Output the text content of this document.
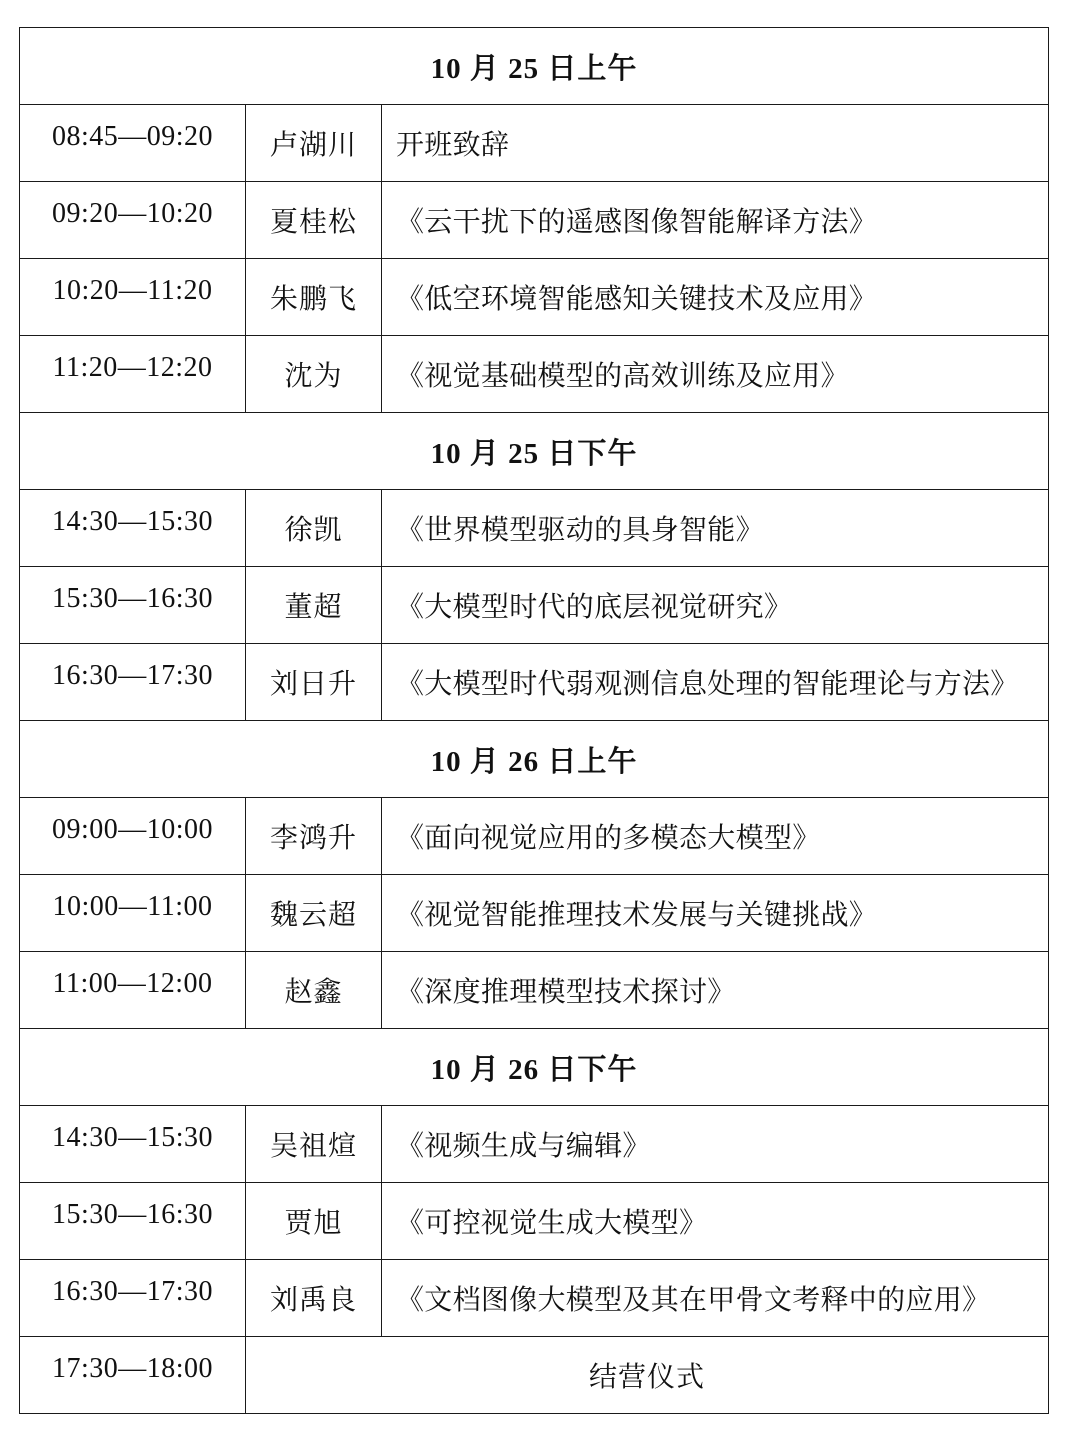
10 月 25 日上午		
08:45—09:20	卢湖川	开班致辞
09:20—10:20	夏桂松	《云干扰下的遥感图像智能解译方法》
10:20—11:20	朱鹏飞	《低空环境智能感知关键技术及应用》
11:20—12:20	沈为	《视觉基础模型的高效训练及应用》
10 月 25 日下午		
14:30—15:30	徐凯	《世界模型驱动的具身智能》
15:30—16:30	董超	《大模型时代的底层视觉研究》
16:30—17:30	刘日升	《大模型时代弱观测信息处理的智能理论与方法》
10 月 26 日上午		
09:00—10:00	李鸿升	《面向视觉应用的多模态大模型》
10:00—11:00	魏云超	《视觉智能推理技术发展与关键挑战》
11:00—12:00	赵鑫	《深度推理模型技术探讨》
10 月 26 日下午		
14:30—15:30	吴祖煊	《视频生成与编辑》
15:30—16:30	贾旭	《可控视觉生成大模型》
16:30—17:30	刘禹良	《文档图像大模型及其在甲骨文考释中的应用》
17:30—18:00	结营仪式	
